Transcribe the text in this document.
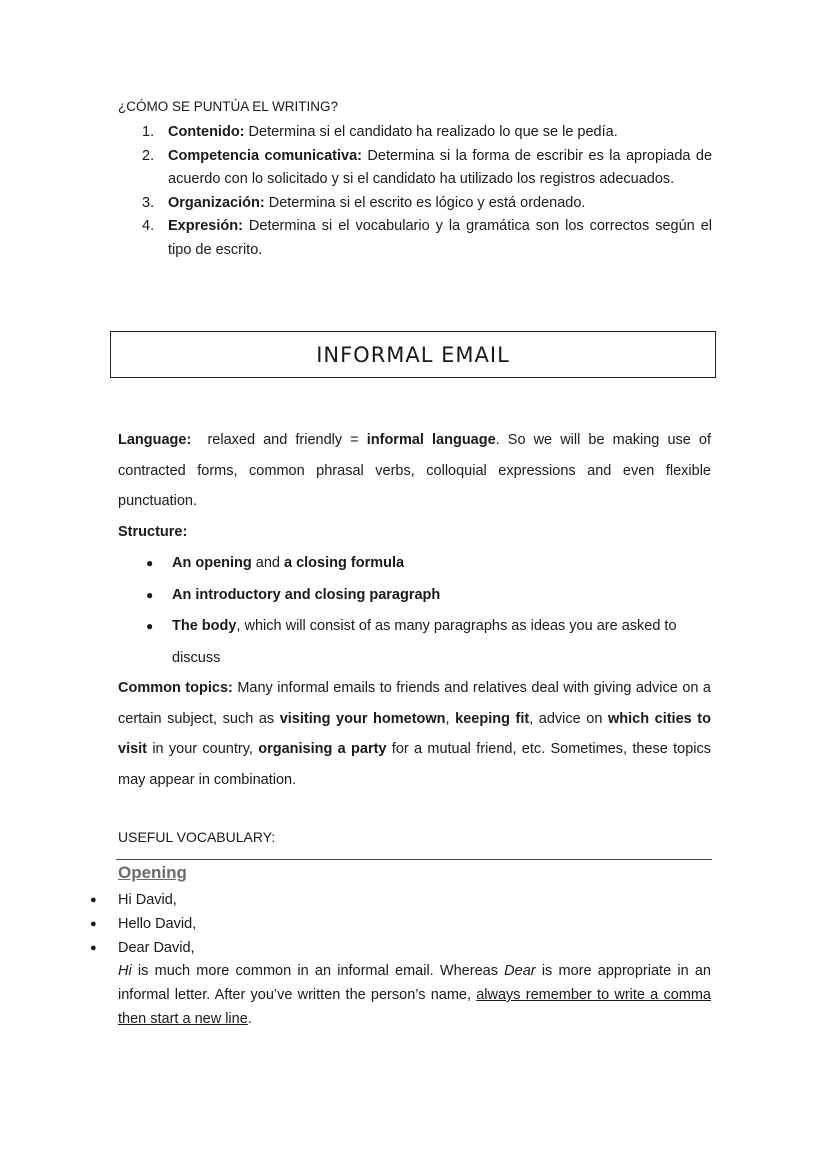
¿CÓMO SE PUNTÚA EL WRITING?

1. Contenido: Determina si el candidato ha realizado lo que se le pedía.
2. Competencia comunicativa: Determina si la forma de escribir es la apropiada de acuerdo con lo solicitado y si el candidato ha utilizado los registros adecuados.
3. Organización: Determina si el escrito es lógico y está ordenado.
4. Expresión: Determina si el vocabulario y la gramática son los correctos según el tipo de escrito.
INFORMAL EMAIL

Language:  relaxed and friendly = informal language. So we will be making use of contracted forms, common phrasal verbs, colloquial expressions and even flexible punctuation.

Structure:

●	An opening and a closing formula
●	An introductory and closing paragraph
●	The body, which will consist of as many paragraphs as ideas you are asked to discuss

Common topics: Many informal emails to friends and relatives deal with giving advice on a certain subject, such as visiting your hometown, keeping fit, advice on which cities to visit in your country, organising a party for a mutual friend, etc. Sometimes, these topics may appear in combination.

USEFUL VOCABULARY:

Opening

●	Hi David,
●	Hello David,
●	Dear David,

Hi is much more common in an informal email. Whereas Dear is more appropriate in an informal letter. After you’ve written the person’s name, always remember to write a comma then start a new line.
